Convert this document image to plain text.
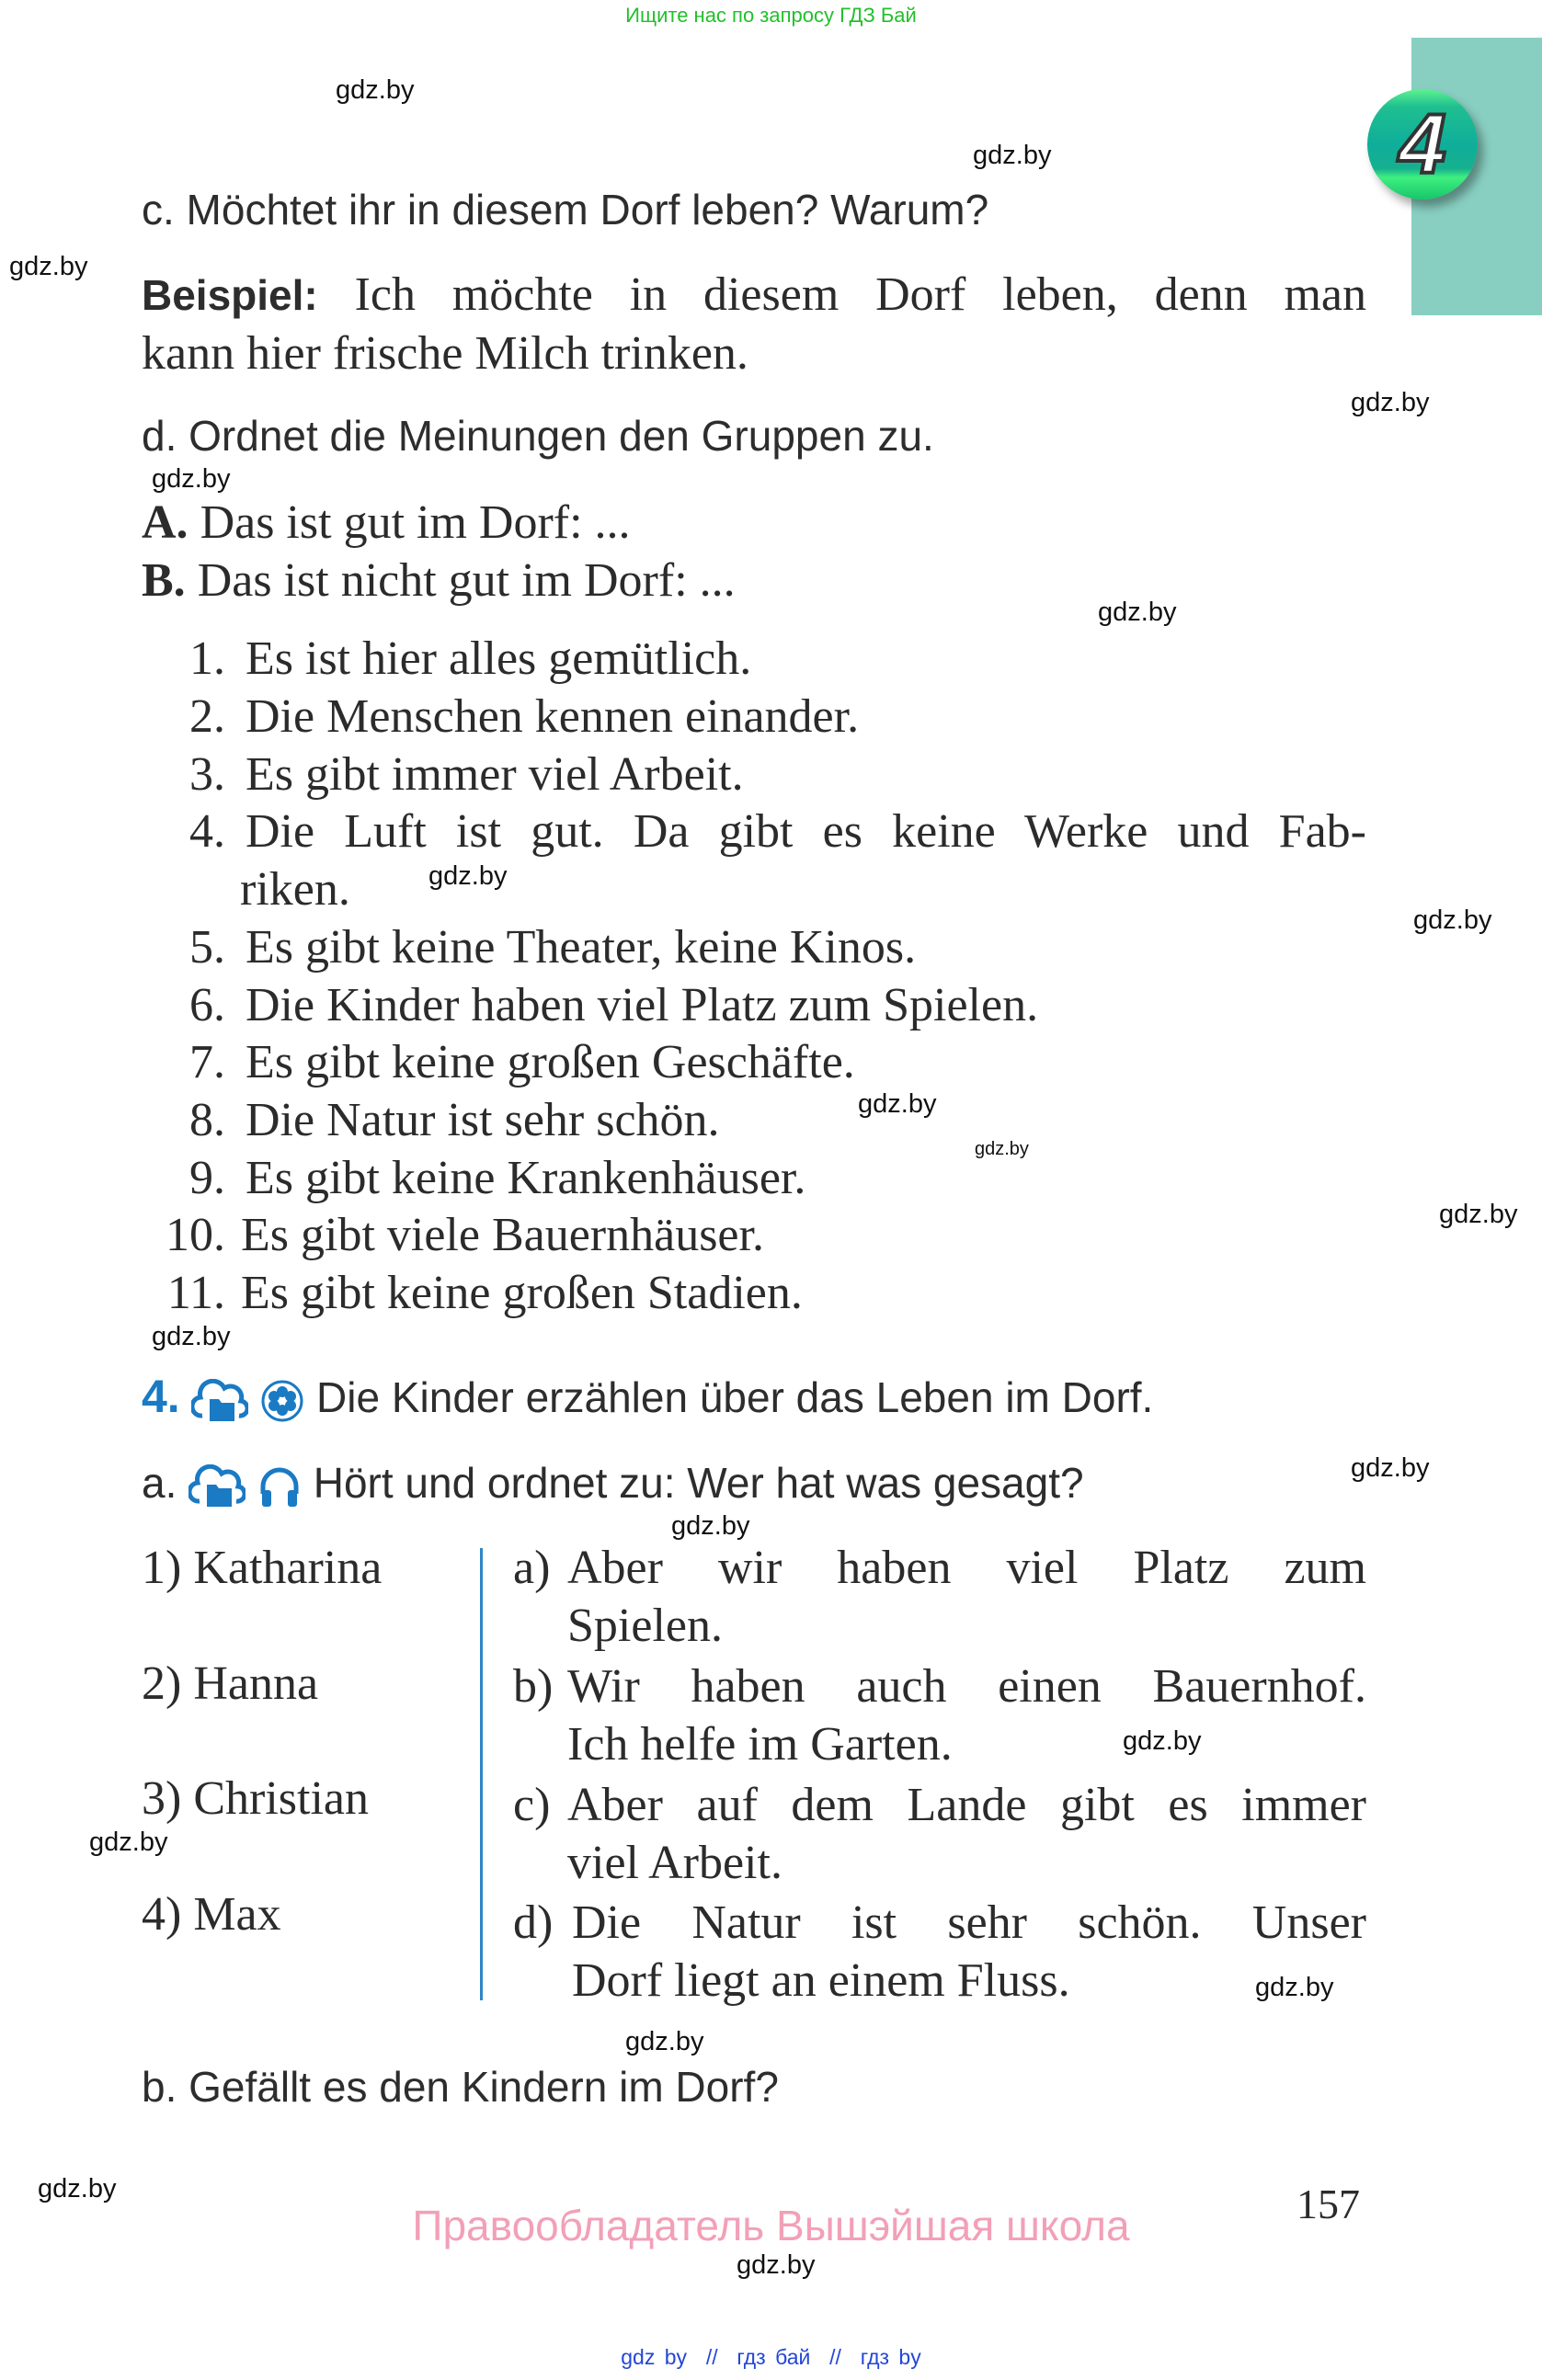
Ищите нас по запросу ГДЗ Бай
4
c. Möchtet ihr in diesem Dorf leben? Warum?
Beispiel: Ich möchte in diesem Dorf leben, denn man
kann hier frische Milch trinken.
d. Ordnet die Meinungen den Gruppen zu.
A. Das ist gut im Dorf: ...
B. Das ist nicht gut im Dorf: ...
1. Es ist hier alles gemütlich.
2. Die Menschen kennen einander.
3. Es gibt immer viel Arbeit.
4. Die Luft ist gut. Da gibt es keine Werke und Fab-
riken.
5. Es gibt keine Theater, keine Kinos.
6. Die Kinder haben viel Platz zum Spielen.
7. Es gibt keine großen Geschäfte.
8. Die Natur ist sehr schön.
9. Es gibt keine Krankenhäuser.
10. Es gibt viele Bauernhäuser.
11. Es gibt keine großen Stadien.
4.	Die Kinder erzählen über das Leben im Dorf.
a.	Hört und ordnet zu: Wer hat was gesagt?
1) Katharina
2) Hanna
3) Christian
4) Max
a) Aber wir haben viel Platz zum
Spielen.
b) Wir haben auch einen Bauernhof.
Ich helfe im Garten.
c) Aber auf dem Lande gibt es immer
viel Arbeit.
d) Die Natur ist sehr schön. Unser
Dorf liegt an einem Fluss.
b. Gefällt es den Kindern im Dorf?
157
Правообладатель Вышэйшая школа
gdz by // гдз бай // гдз by
gdz.by
gdz.by
gdz.by
gdz.by
gdz.by
gdz.by
gdz.by
gdz.by
gdz.by
gdz.by
gdz.by
gdz.by
gdz.by
gdz.by
gdz.by
gdz.by
gdz.by
gdz.by
gdz.by
gdz.by
